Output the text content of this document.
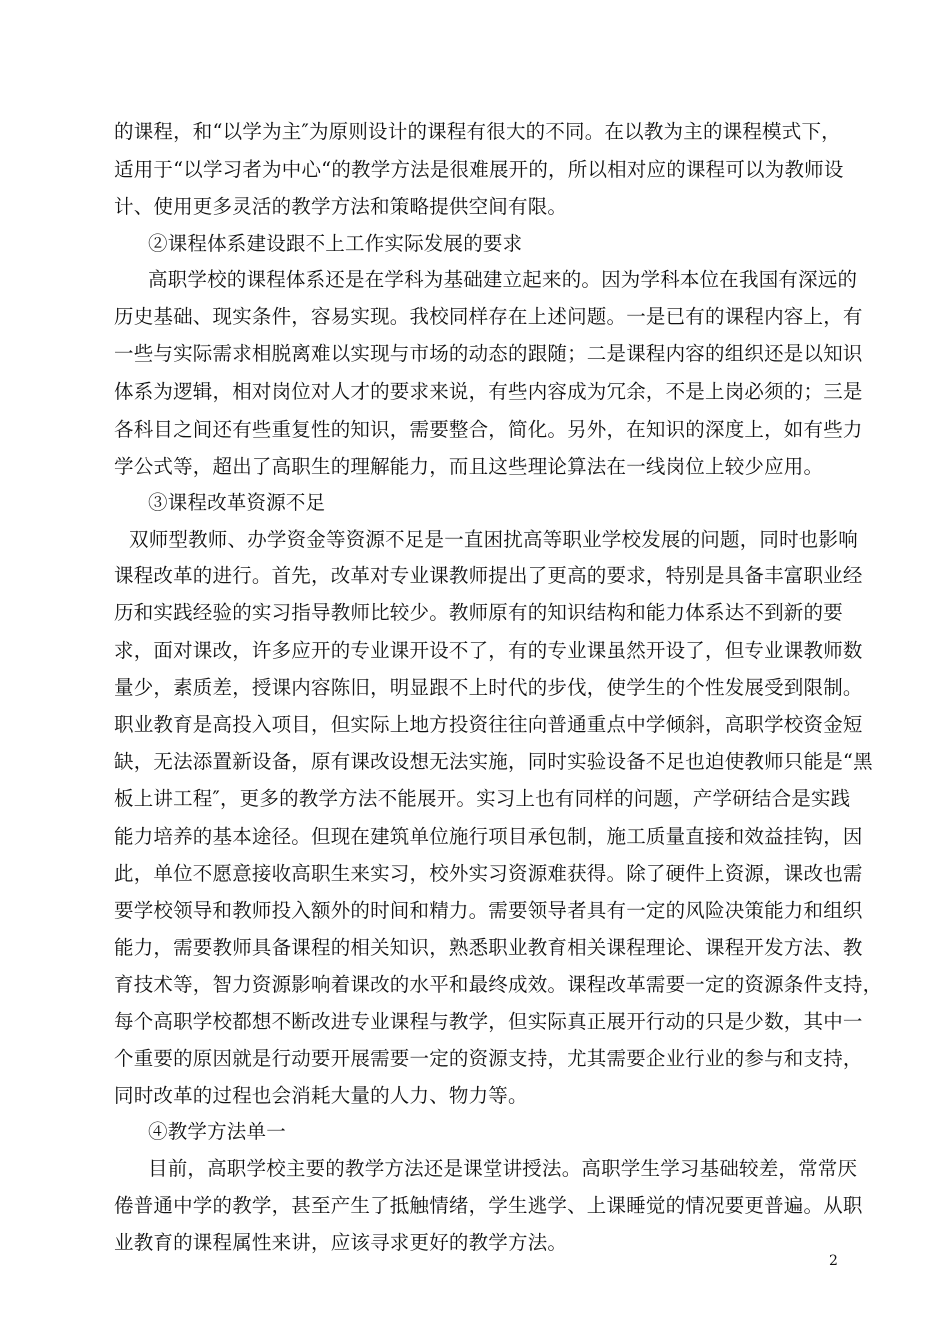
的课程，和“以学为主″为原则设计的课程有很大的不同。在以教为主的课程模式下，
适用于“以学习者为中心“的教学方法是很难展开的，所以相对应的课程可以为教师设
计、使用更多灵活的教学方法和策略提供空间有限。
②课程体系建设跟不上工作实际发展的要求
高职学校的课程体系还是在学科为基础建立起来的。因为学科本位在我国有深远的
历史基础、现实条件，容易实现。我校同样存在上述问题。一是已有的课程内容上，有
一些与实际需求相脱离难以实现与市场的动态的跟随；二是课程内容的组织还是以知识
体系为逻辑，相对岗位对人才的要求来说，有些内容成为冗余，不是上岗必须的；三是
各科目之间还有些重复性的知识，需要整合，简化。另外，在知识的深度上，如有些力
学公式等，超出了高职生的理解能力，而且这些理论算法在一线岗位上较少应用。
③课程改革资源不足
双师型教师、办学资金等资源不足是一直困扰高等职业学校发展的问题，同时也影响
课程改革的进行。首先，改革对专业课教师提出了更高的要求，特别是具备丰富职业经
历和实践经验的实习指导教师比较少。教师原有的知识结构和能力体系达不到新的要
求，面对课改，许多应开的专业课开设不了，有的专业课虽然开设了，但专业课教师数
量少，素质差，授课内容陈旧，明显跟不上时代的步伐，使学生的个性发展受到限制。
职业教育是高投入项目，但实际上地方投资往往向普通重点中学倾斜，高职学校资金短
缺，无法添置新设备，原有课改设想无法实施，同时实验设备不足也迫使教师只能是“黑
板上讲工程″，更多的教学方法不能展开。实习上也有同样的问题，产学研结合是实践
能力培养的基本途径。但现在建筑单位施行项目承包制，施工质量直接和效益挂钩，因
此，单位不愿意接收高职生来实习，校外实习资源难获得。除了硬件上资源，课改也需
要学校领导和教师投入额外的时间和精力。需要领导者具有一定的风险决策能力和组织
能力，需要教师具备课程的相关知识，熟悉职业教育相关课程理论、课程开发方法、教
育技术等，智力资源影响着课改的水平和最终成效。课程改革需要一定的资源条件支持，
每个高职学校都想不断改进专业课程与教学，但实际真正展开行动的只是少数，其中一
个重要的原因就是行动要开展需要一定的资源支持，尤其需要企业行业的参与和支持，
同时改革的过程也会消耗大量的人力、物力等。
④教学方法单一
目前，高职学校主要的教学方法还是课堂讲授法。高职学生学习基础较差，常常厌
倦普通中学的教学，甚至产生了抵触情绪，学生逃学、上课睡觉的情况要更普遍。从职
业教育的课程属性来讲，应该寻求更好的教学方法。
2
